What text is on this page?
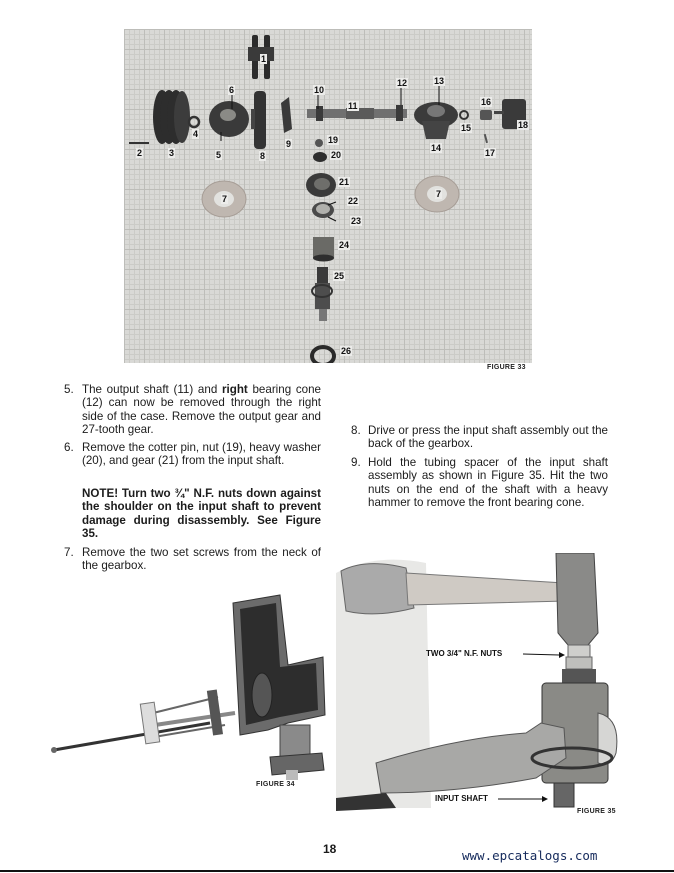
1
2	3
4
5
6
7	7
8
9
10
11
12	13
14
15
16
17
18
19
20
21
22
23
24
25
26
FIGURE 33
5. The output shaft (11) and right bearing cone (12) can now be removed through the right side of the case. Remove the output gear and 27-tooth gear.
6. Remove the cotter pin, nut (19), heavy washer (20), and gear (21) from the input shaft.
NOTE! Turn two ¾" N.F. nuts down against the shoulder on the input shaft to prevent damage during disassembly. See Figure 35.
7. Remove the two set screws from the neck of the gearbox.
8. Drive or press the input shaft assembly out the back of the gearbox.
9. Hold the tubing spacer of the input shaft assembly as shown in Figure 35. Hit the two nuts on the end of the shaft with a heavy hammer to remove the front bearing cone.
FIGURE 34
TWO 3/4" N.F. NUTS
INPUT SHAFT
FIGURE 35
18	www.epcatalogs.com
